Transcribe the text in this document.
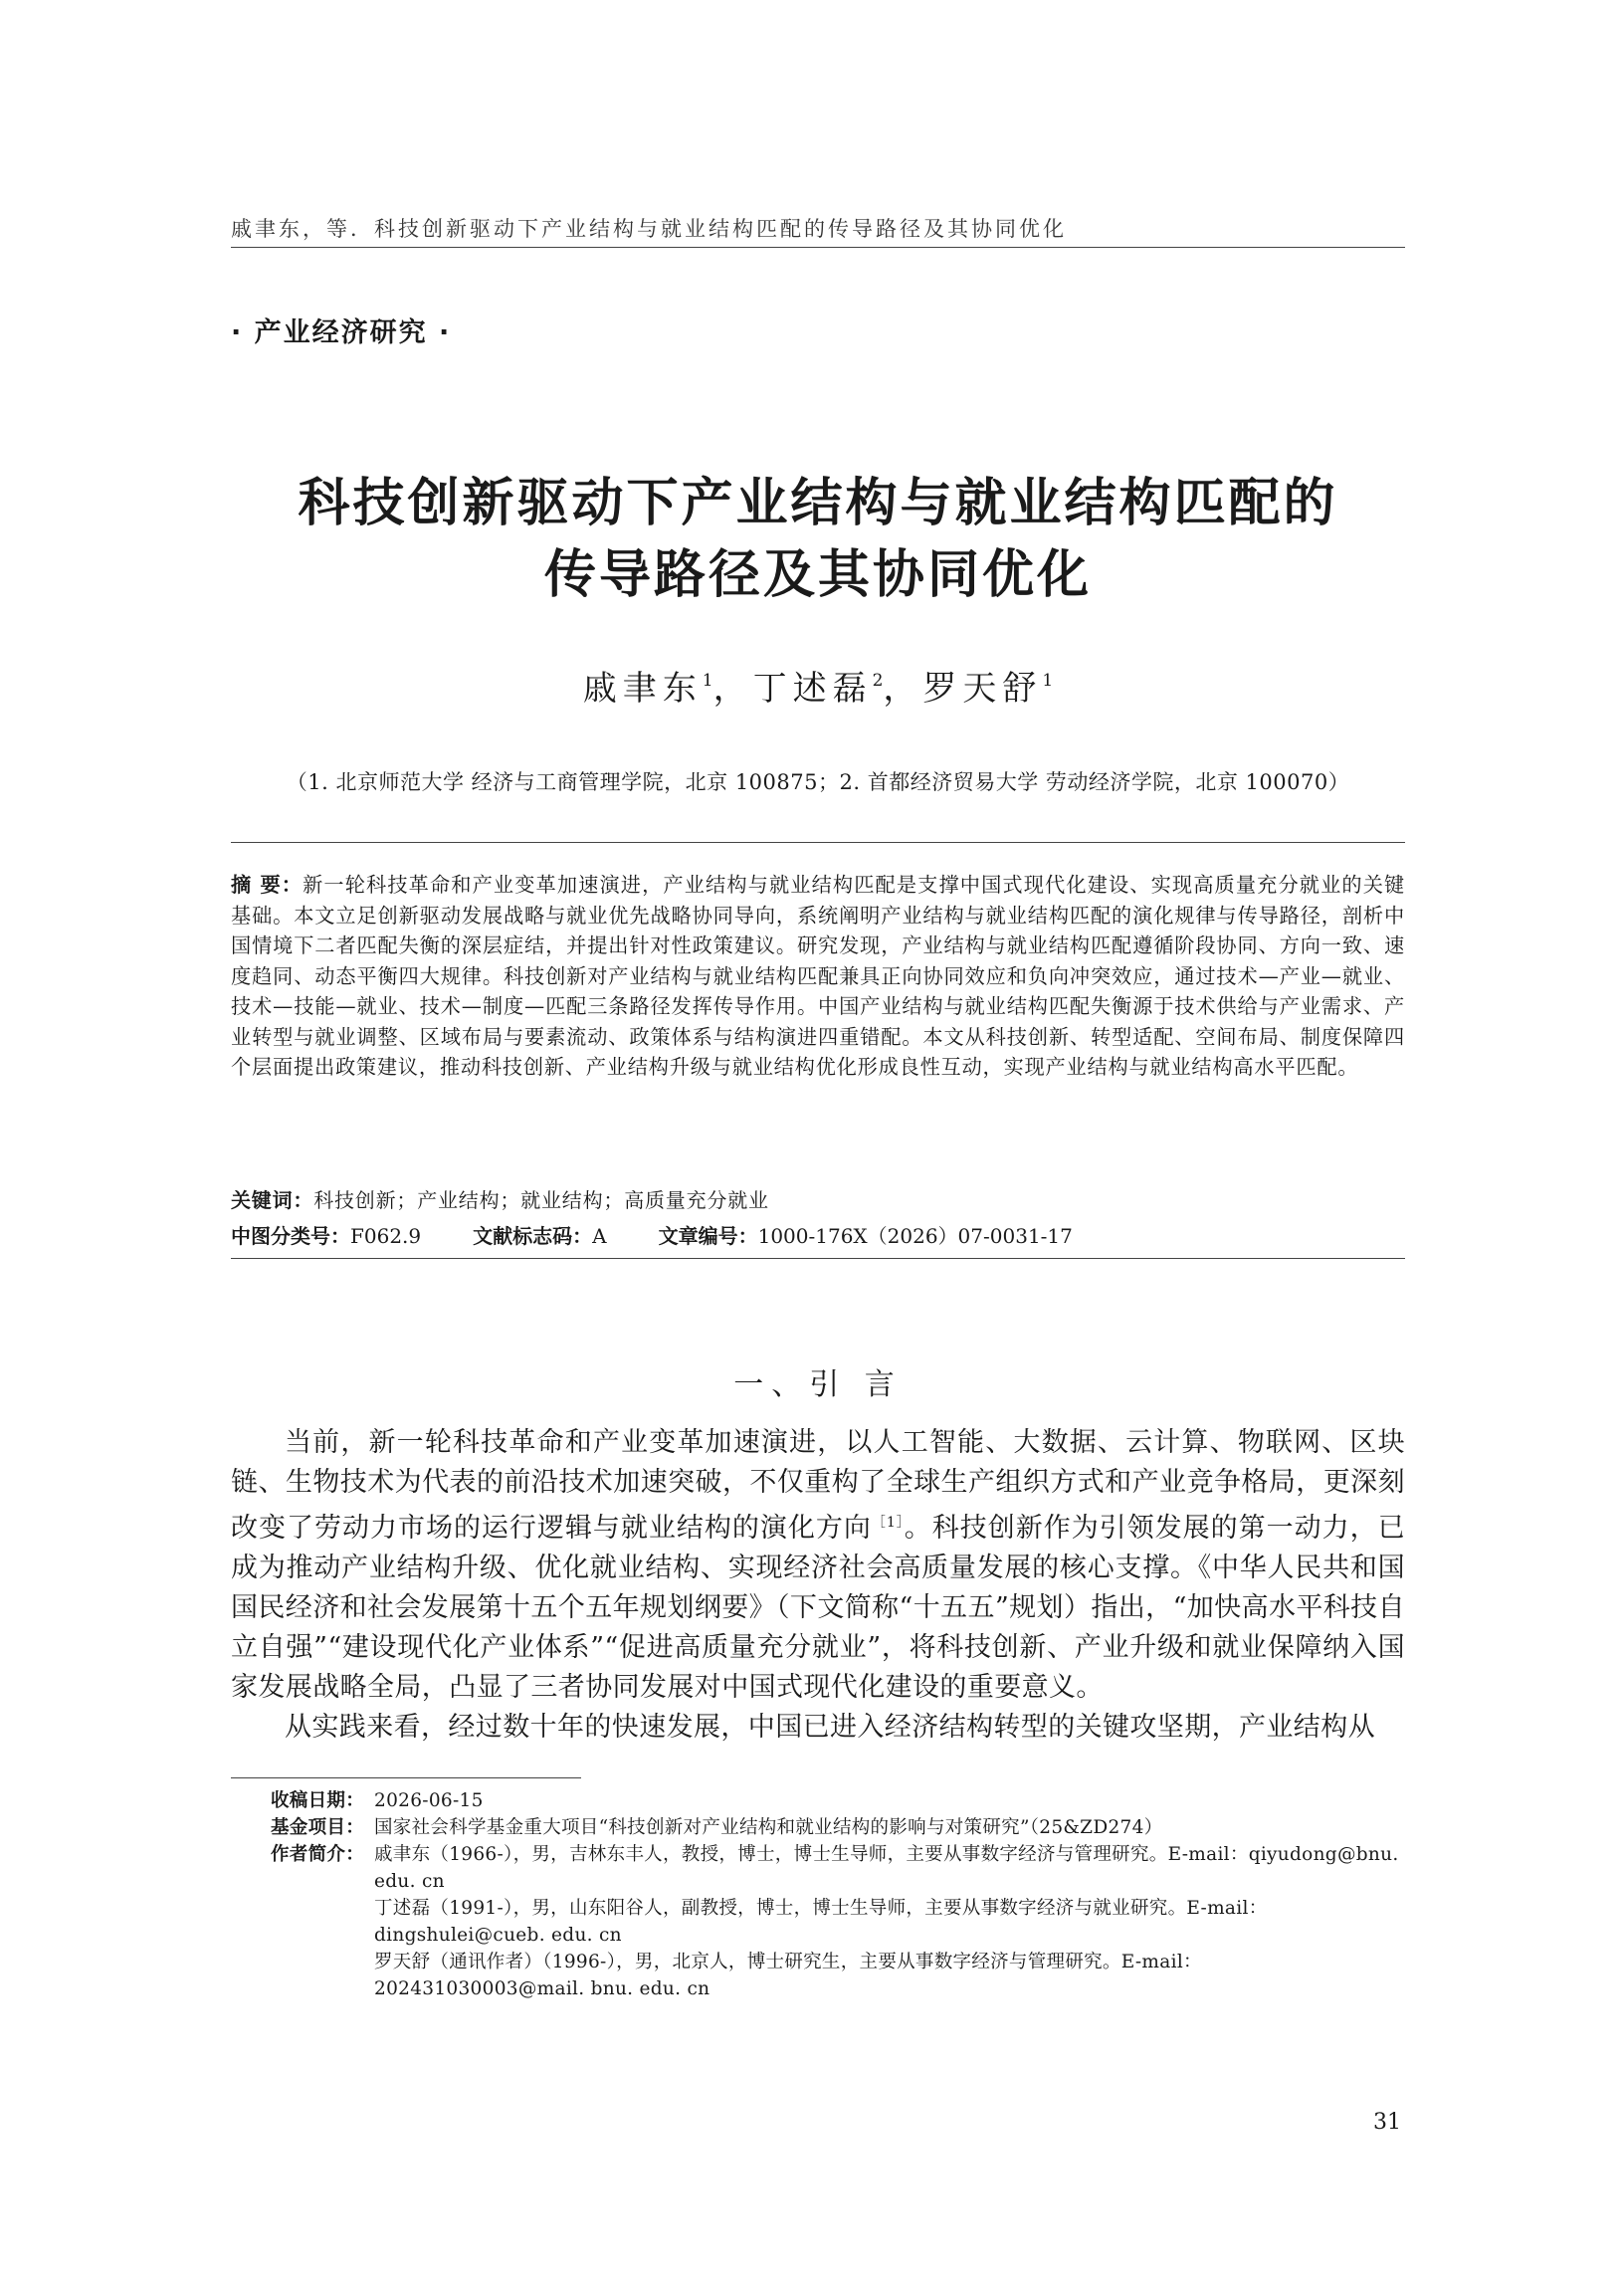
戚聿东，等．科技创新驱动下产业结构与就业结构匹配的传导路径及其协同优化
· 产业经济研究 ·
科技创新驱动下产业结构与就业结构匹配的
传导路径及其协同优化
戚聿东$^1$，丁述磊$^2$，罗天舒$^1$
（1. 北京师范大学 经济与工商管理学院，北京 100875；2. 首都经济贸易大学 劳动经济学院，北京 100070）
摘 要：新一轮科技革命和产业变革加速演进，产业结构与就业结构匹配是支撑中国式现代化建设、实现高质量充分就业的关键基础。本文立足创新驱动发展战略与就业优先战略协同导向，系统阐明产业结构与就业结构匹配的演化规律与传导路径，剖析中国情境下二者匹配失衡的深层症结，并提出针对性政策建议。研究发现，产业结构与就业结构匹配遵循阶段协同、方向一致、速度趋同、动态平衡四大规律。科技创新对产业结构与就业结构匹配兼具正向协同效应和负向冲突效应，通过技术—产业—就业、技术—技能—就业、技术—制度—匹配三条路径发挥传导作用。中国产业结构与就业结构匹配失衡源于技术供给与产业需求、产业转型与就业调整、区域布局与要素流动、政策体系与结构演进四重错配。本文从科技创新、转型适配、空间布局、制度保障四个层面提出政策建议，推动科技创新、产业结构升级与就业结构优化形成良性互动，实现产业结构与就业结构高水平匹配。
关键词：科技创新；产业结构；就业结构；高质量充分就业
中图分类号：F062.9	文献标志码：A	文章编号：1000-176X（2026）07-0031-17
一、引 言

当前，新一轮科技革命和产业变革加速演进，以人工智能、大数据、云计算、物联网、区块链、生物技术为代表的前沿技术加速突破，不仅重构了全球生产组织方式和产业竞争格局，更深刻改变了劳动力市场的运行逻辑与就业结构的演化方向$^{[1]}$。科技创新作为引领发展的第一动力，已成为推动产业结构升级、优化就业结构、实现经济社会高质量发展的核心支撑。《中华人民共和国国民经济和社会发展第十五个五年规划纲要》（下文简称“十五五”规划）指出，“加快高水平科技自立自强”“建设现代化产业体系”“促进高质量充分就业”，将科技创新、产业升级和就业保障纳入国家发展战略全局，凸显了三者协同发展对中国式现代化建设的重要意义。

从实践来看，经过数十年的快速发展，中国已进入经济结构转型的关键攻坚期，产业结构从

收稿日期： 2026-06-15
基金项目： 国家社会科学基金重大项目“科技创新对产业结构和就业结构的影响与对策研究”（25&ZD274）
作者简介： 戚聿东（1966-），男，吉林东丰人，教授，博士，博士生导师，主要从事数字经济与管理研究。E-mail：qiyudong@bnu. edu. cn
丁述磊（1991-），男，山东阳谷人，副教授，博士，博士生导师，主要从事数字经济与就业研究。E-mail：dingshulei@cueb. edu. cn
罗天舒（通讯作者）（1996-），男，北京人，博士研究生，主要从事数字经济与管理研究。E-mail：202431030003@mail. bnu. edu. cn
31
